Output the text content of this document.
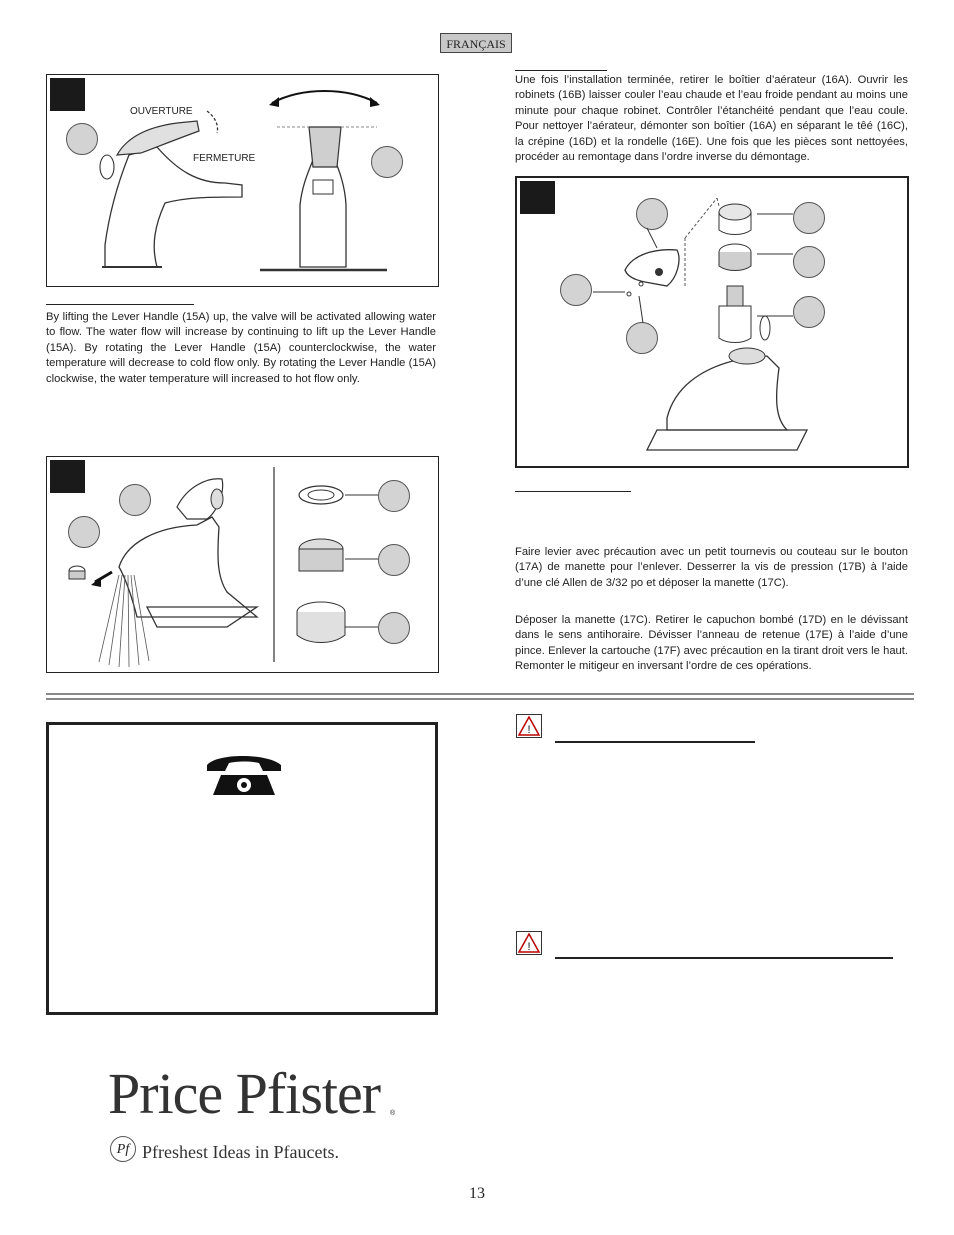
FRANÇAIS
OUVERTURE
FERMETURE
By lifting the Lever Handle (15A) up, the valve will be activated allowing water to flow. The water flow will increase by continuing to lift up the Lever Handle (15A). By rotating the Lever Handle (15A) counterclockwise, the water temperature will decrease to cold flow only. By rotating the Lever Handle (15A) clockwise, the water temperature will increased to hot flow only.
Une fois l’installation terminée, retirer le boîtier d’aérateur (16A). Ouvrir les robinets (16B) laisser couler l’eau chaude et l’eau froide pendant au moins une minute pour chaque robinet. Contrôler l’étanchéité pendant que l’eau coule. Pour nettoyer l’aérateur, démonter son boîtier (16A) en séparant le têé (16C), la crépine (16D) et la rondelle (16E). Une fois que les pièces sont nettoyées, procéder au remontage dans l’ordre inverse du démontage.
Faire levier avec précaution avec un petit tournevis ou couteau sur le bouton (17A) de manette pour l’enlever. Desserrer la vis de pression (17B) à l’aide d’une clé Allen de 3/32 po et déposer la manette (17C).
Déposer la manette (17C). Retirer le capuchon bombé (17D) en le dévissant dans le sens antihoraire. Dévisser l’anneau de retenue (17E) à l’aide d’une pince. Enlever la cartouche (17F) avec précaution en la tirant droit vers le haut. Remonter le mitigeur en inversant l’ordre de ces opérations.
!
!
Price Pfister ®
Pf Pfreshest Ideas in Pfaucets.
13
